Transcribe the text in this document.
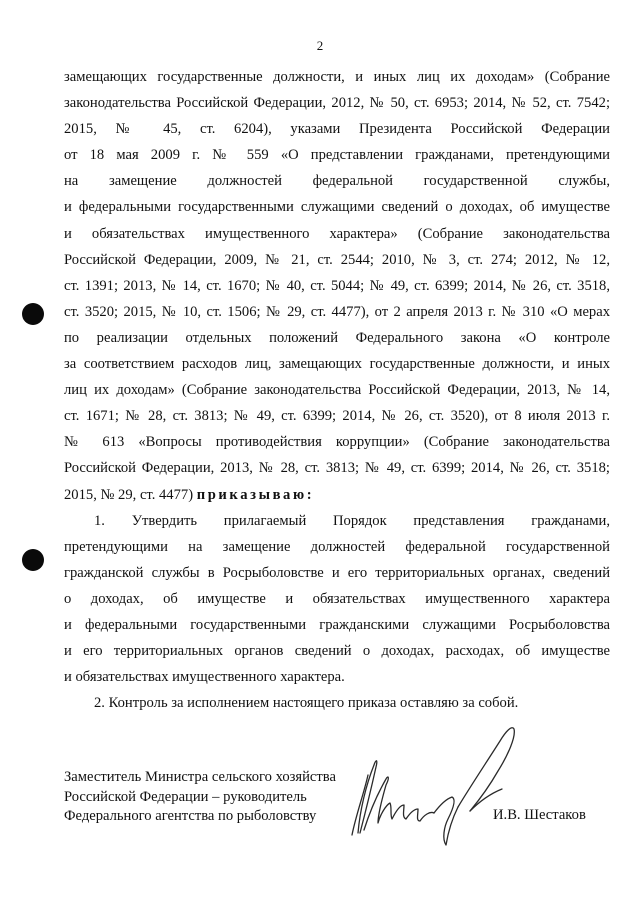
2
замещающих государственные должности, и иных лиц их доходам» (Собрание
законодательства Российской Федерации, 2012, № 50, ст. 6953; 2014, № 52, ст. 7542;
2015, № 45, ст. 6204), указами Президента Российской Федерации
от 18 мая 2009 г. № 559 «О представлении гражданами, претендующими
на замещение должностей федеральной государственной службы,
и федеральными государственными служащими сведений о доходах, об имуществе
и обязательствах имущественного характера» (Собрание законодательства
Российской Федерации, 2009, № 21, ст. 2544; 2010, № 3, ст. 274; 2012, № 12,
ст. 1391; 2013, № 14, ст. 1670; № 40, ст. 5044; № 49, ст. 6399; 2014, № 26, ст. 3518,
ст. 3520; 2015, № 10, ст. 1506; № 29, ст. 4477), от 2 апреля 2013 г. № 310 «О мерах
по реализации отдельных положений Федерального закона «О контроле
за соответствием расходов лиц, замещающих государственные должности, и иных
лиц их доходам» (Собрание законодательства Российской Федерации, 2013, № 14,
ст. 1671; № 28, ст. 3813; № 49, ст. 6399; 2014, № 26, ст. 3520), от 8 июля 2013 г.
№ 613 «Вопросы противодействия коррупции» (Собрание законодательства
Российской Федерации, 2013, № 28, ст. 3813; № 49, ст. 6399; 2014, № 26, ст. 3518;
2015, № 29, ст. 4477) приказываю:
1. Утвердить прилагаемый Порядок представления гражданами,
претендующими на замещение должностей федеральной государственной
гражданской службы в Росрыболовстве и его территориальных органах, сведений
о доходах, об имуществе и обязательствах имущественного характера
и федеральными государственными гражданскими служащими Росрыболовства
и его территориальных органов сведений о доходах, расходах, об имуществе
и обязательствах имущественного характера.
2. Контроль за исполнением настоящего приказа оставляю за собой.
Заместитель Министра сельского хозяйства
Российской Федерации – руководитель
Федерального агентства по рыболовству	И.В. Шестаков
